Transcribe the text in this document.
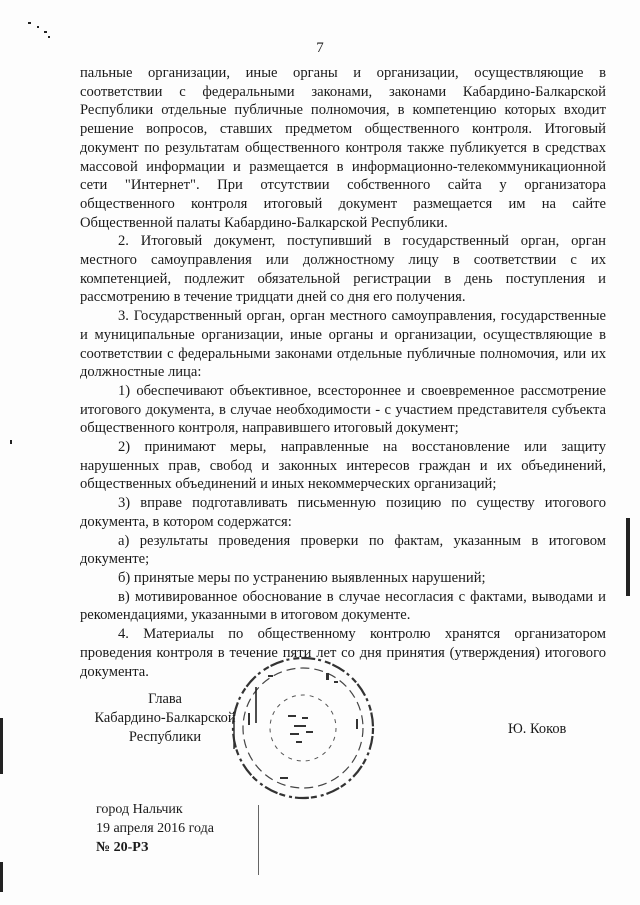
7

пальные организации, иные органы и организации, осуществляющие в соответствии с федеральными законами, законами Кабардино-Балкарской Республики отдельные публичные полномочия, в компетенцию которых входит решение вопросов, ставших предметом общественного контроля. Итоговый документ по результатам общественного контроля также публикуется в средствах массовой информации и размещается в информационно-телекоммуникационной сети "Интернет". При отсутствии собственного сайта у организатора общественного контроля итоговый документ размещается им на сайте Общественной палаты Кабардино-Балкарской Республики.

2. Итоговый документ, поступивший в государственный орган, орган местного самоуправления или должностному лицу в соответствии с их компетенцией, подлежит обязательной регистрации в день поступления и рассмотрению в течение тридцати дней со дня его получения.

3. Государственный орган, орган местного самоуправления, государственные и муниципальные организации, иные органы и организации, осуществляющие в соответствии с федеральными законами отдельные публичные полномочия, или их должностные лица:

1) обеспечивают объективное, всестороннее и своевременное рассмотрение итогового документа, в случае необходимости - с участием представителя субъекта общественного контроля, направившего итоговый документ;

2) принимают меры, направленные на восстановление или защиту нарушенных прав, свобод и законных интересов граждан и их объединений, общественных объединений и иных некоммерческих организаций;

3) вправе подготавливать письменную позицию по существу итогового документа, в котором содержатся:

а) результаты проведения проверки по фактам, указанным в итоговом документе;

б) принятые меры по устранению выявленных нарушений;

в) мотивированное обоснование в случае несогласия с фактами, выводами и рекомендациями, указанными в итоговом документе.

4. Материалы по общественному контролю хранятся организатором проведения контроля в течение пяти лет со дня принятия (утверждения) итогового документа.

Глава
Кабардино-Балкарской
Республики	Ю. Коков
город Нальчик
19 апреля 2016 года
№ 20-РЗ
